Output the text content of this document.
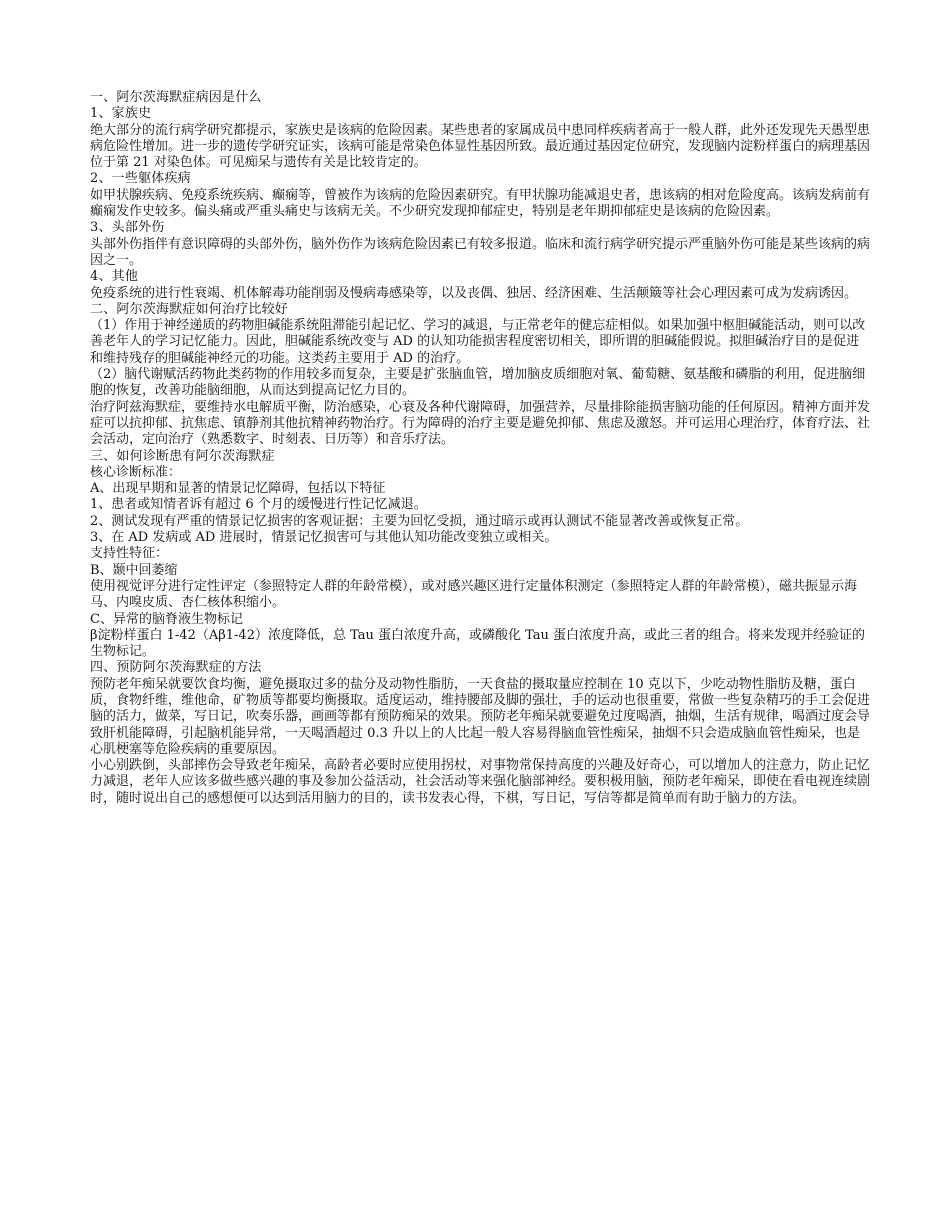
一、阿尔茨海默症病因是什么

1、家族史

绝大部分的流行病学研究都提示，家族史是该病的危险因素。某些患者的家属成员中患同样疾病者高于一般人群，此外还发现先天愚型患病危险性增加。进一步的遗传学研究证实，该病可能是常染色体显性基因所致。最近通过基因定位研究，发现脑内淀粉样蛋白的病理基因位于第 21 对染色体。可见痴呆与遗传有关是比较肯定的。

2、一些躯体疾病

如甲状腺疾病、免疫系统疾病、癫痫等，曾被作为该病的危险因素研究。有甲状腺功能减退史者，患该病的相对危险度高。该病发病前有癫痫发作史较多。偏头痛或严重头痛史与该病无关。不少研究发现抑郁症史，特别是老年期抑郁症史是该病的危险因素。

3、头部外伤

头部外伤指伴有意识障碍的头部外伤，脑外伤作为该病危险因素已有较多报道。临床和流行病学研究提示严重脑外伤可能是某些该病的病因之一。

4、其他

免疫系统的进行性衰竭、机体解毒功能削弱及慢病毒感染等，以及丧偶、独居、经济困难、生活颠簸等社会心理因素可成为发病诱因。

二、阿尔茨海默症如何治疗比较好

（1）作用于神经递质的药物胆碱能系统阻滞能引起记忆、学习的减退，与正常老年的健忘症相似。如果加强中枢胆碱能活动，则可以改善老年人的学习记忆能力。因此，胆碱能系统改变与 AD 的认知功能损害程度密切相关，即所谓的胆碱能假说。拟胆碱治疗目的是促进和维持残存的胆碱能神经元的功能。这类药主要用于 AD 的治疗。

（2）脑代谢赋活药物此类药物的作用较多而复杂，主要是扩张脑血管，增加脑皮质细胞对氧、葡萄糖、氨基酸和磷脂的利用，促进脑细胞的恢复，改善功能脑细胞，从而达到提高记忆力目的。

治疗阿兹海默症，要维持水电解质平衡，防治感染，心衰及各种代谢障碍，加强营养，尽量排除能损害脑功能的任何原因。精神方面并发症可以抗抑郁、抗焦虑、镇静剂其他抗精神药物治疗。行为障碍的治疗主要是避免抑郁、焦虑及激怒。并可运用心理治疗，体育疗法、社会活动，定向治疗（熟悉数字、时刻表、日历等）和音乐疗法。

三、如何诊断患有阿尔茨海默症

核心诊断标准：

A、出现早期和显著的情景记忆障碍，包括以下特征

1、患者或知情者诉有超过 6 个月的缓慢进行性记忆减退。

2、测试发现有严重的情景记忆损害的客观证据：主要为回忆受损，通过暗示或再认测试不能显著改善或恢复正常。

3、在 AD 发病或 AD 进展时，情景记忆损害可与其他认知功能改变独立或相关。

支持性特征：

B、颞中回萎缩

使用视觉评分进行定性评定（参照特定人群的年龄常模），或对感兴趣区进行定量体积测定（参照特定人群的年龄常模），磁共振显示海马、内嗅皮质、杏仁核体积缩小。

C、异常的脑脊液生物标记

β淀粉样蛋白 1-42（Aβ1-42）浓度降低，总 Tau 蛋白浓度升高，或磷酸化 Tau 蛋白浓度升高，或此三者的组合。将来发现并经验证的生物标记。

四、预防阿尔茨海默症的方法

预防老年痴呆就要饮食均衡，避免摄取过多的盐分及动物性脂肪，一天食盐的摄取量应控制在 10 克以下，少吃动物性脂肪及糖，蛋白质，食物纤维，维他命，矿物质等都要均衡摄取。适度运动，维持腰部及脚的强壮，手的运动也很重要，常做一些复杂精巧的手工会促进脑的活力，做菜，写日记，吹奏乐器，画画等都有预防痴呆的效果。预防老年痴呆就要避免过度喝酒，抽烟，生活有规律，喝酒过度会导致肝机能障碍，引起脑机能异常，一天喝酒超过 0.3 升以上的人比起一般人容易得脑血管性痴呆，抽烟不只会造成脑血管性痴呆，也是心肌梗塞等危险疾病的重要原因。

小心别跌倒，头部摔伤会导致老年痴呆，高龄者必要时应使用拐杖，对事物常保持高度的兴趣及好奇心，可以增加人的注意力，防止记忆力减退，老年人应该多做些感兴趣的事及参加公益活动，社会活动等来强化脑部神经。要积极用脑，预防老年痴呆，即使在看电视连续剧时，随时说出自己的感想便可以达到活用脑力的目的，读书发表心得，下棋，写日记，写信等都是简单而有助于脑力的方法。
